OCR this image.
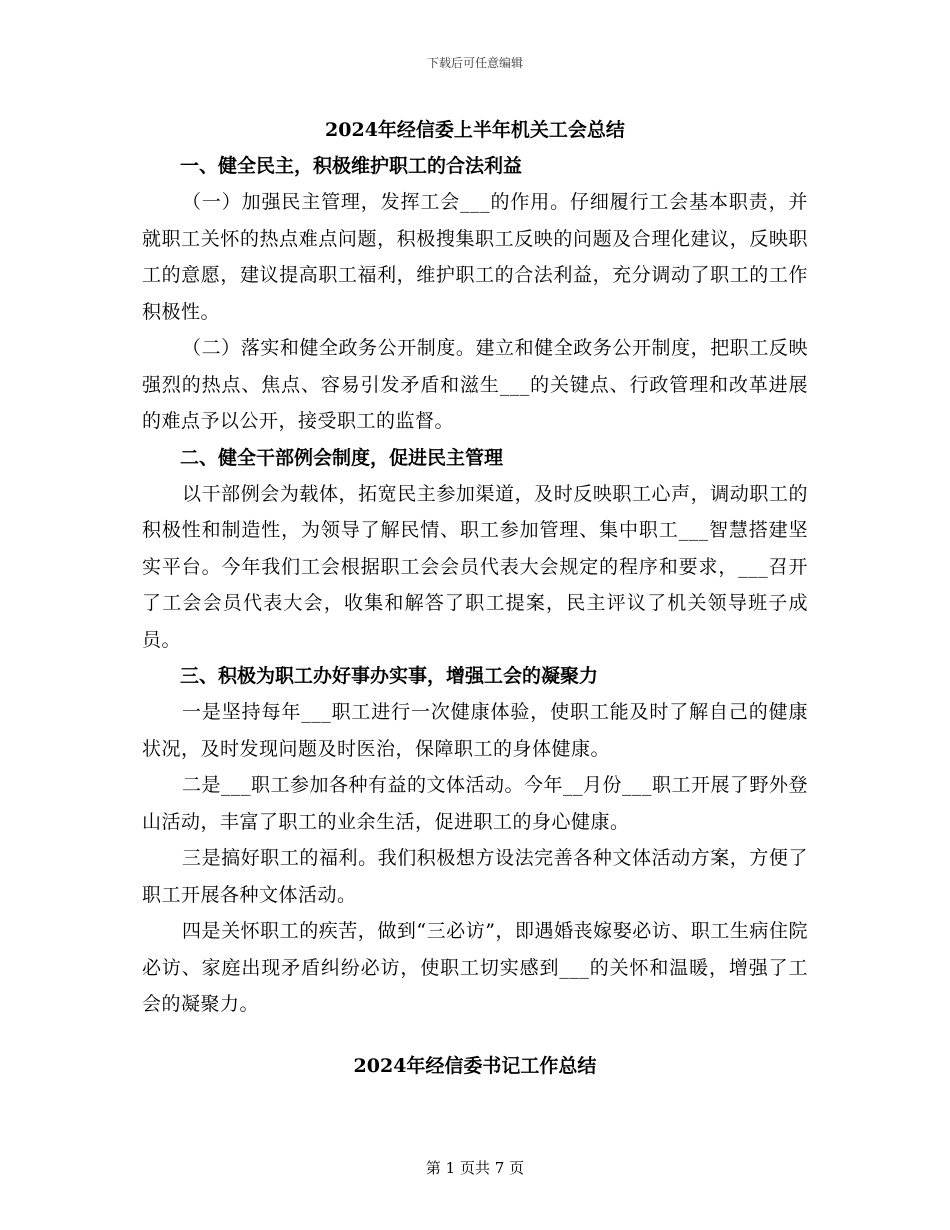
下载后可任意编辑

2024年经信委上半年机关工会总结

一、健全民主，积极维护职工的合法利益

（一）加强民主管理，发挥工会___的作用。仔细履行工会基本职责，并就职工关怀的热点难点问题，积极搜集职工反映的问题及合理化建议，反映职工的意愿，建议提高职工福利，维护职工的合法利益，充分调动了职工的工作积极性。

（二）落实和健全政务公开制度。建立和健全政务公开制度，把职工反映强烈的热点、焦点、容易引发矛盾和滋生___的关键点、行政管理和改革进展的难点予以公开，接受职工的监督。

二、健全干部例会制度，促进民主管理

以干部例会为载体，拓宽民主参加渠道，及时反映职工心声，调动职工的积极性和制造性，为领导了解民情、职工参加管理、集中职工___智慧搭建坚实平台。今年我们工会根据职工会会员代表大会规定的程序和要求，___召开了工会会员代表大会，收集和解答了职工提案，民主评议了机关领导班子成员。

三、积极为职工办好事办实事，增强工会的凝聚力

一是坚持每年___职工进行一次健康体验，使职工能及时了解自己的健康状况，及时发现问题及时医治，保障职工的身体健康。

二是___职工参加各种有益的文体活动。今年__月份___职工开展了野外登山活动，丰富了职工的业余生活，促进职工的身心健康。

三是搞好职工的福利。我们积极想方设法完善各种文体活动方案，方便了职工开展各种文体活动。

四是关怀职工的疾苦，做到“三必访”，即遇婚丧嫁娶必访、职工生病住院必访、家庭出现矛盾纠纷必访，使职工切实感到___的关怀和温暖，增强了工会的凝聚力。

2024年经信委书记工作总结

第 1 页共 7 页
